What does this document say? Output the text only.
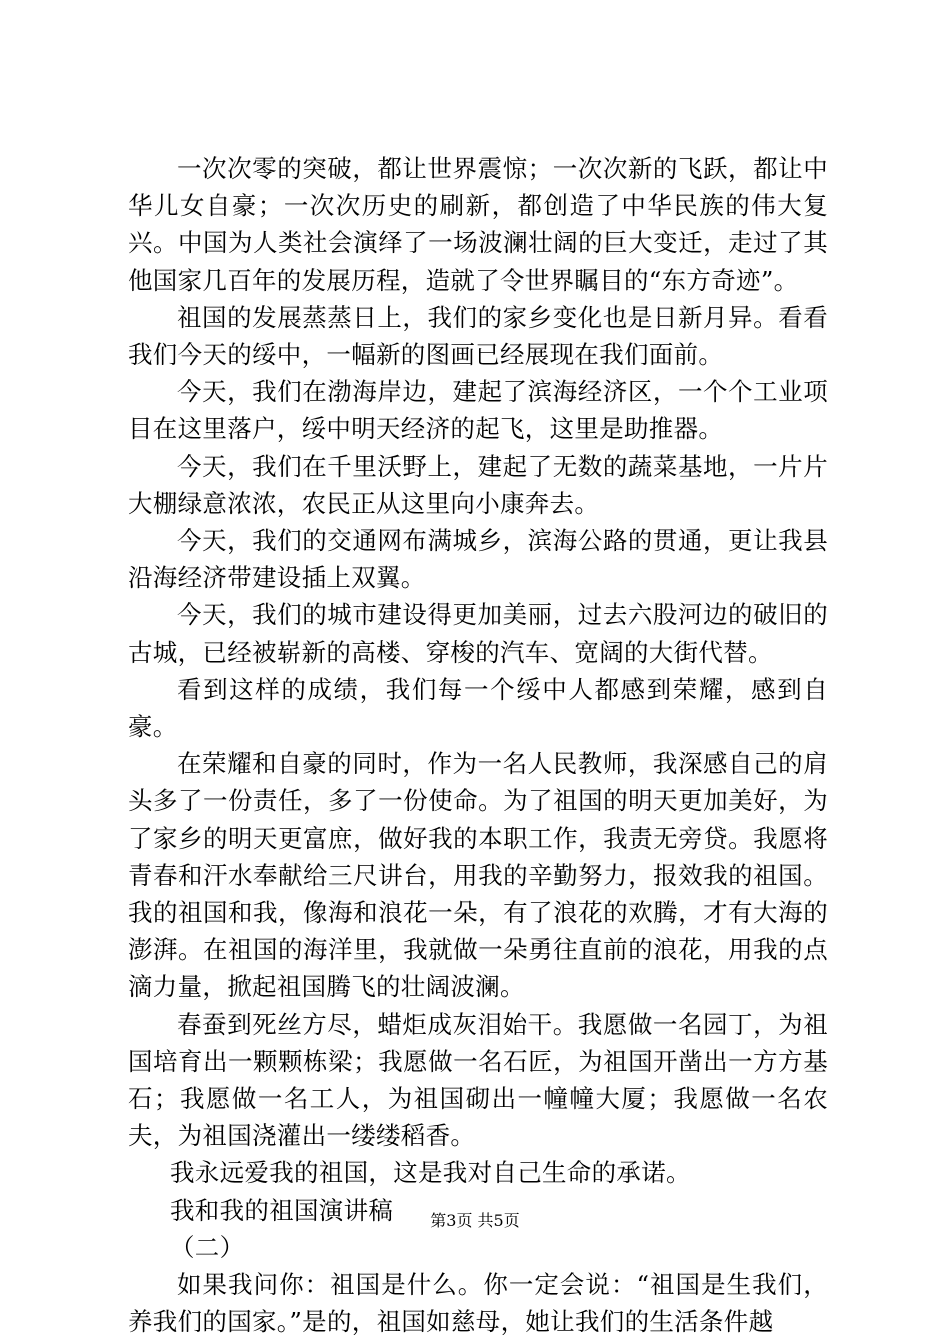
一次次零的突破，都让世界震惊；一次次新的飞跃，都让中华儿女自豪；一次次历史的刷新，都创造了中华民族的伟大复兴。中国为人类社会演绎了一场波澜壮阔的巨大变迁，走过了其他国家几百年的发展历程，造就了令世界瞩目的“东方奇迹”。

祖国的发展蒸蒸日上，我们的家乡变化也是日新月异。看看我们今天的绥中，一幅新的图画已经展现在我们面前。

今天，我们在渤海岸边，建起了滨海经济区，一个个工业项目在这里落户，绥中明天经济的起飞，这里是助推器。

今天，我们在千里沃野上，建起了无数的蔬菜基地，一片片大棚绿意浓浓，农民正从这里向小康奔去。

今天，我们的交通网布满城乡，滨海公路的贯通，更让我县沿海经济带建设插上双翼。

今天，我们的城市建设得更加美丽，过去六股河边的破旧的古城，已经被崭新的高楼、穿梭的汽车、宽阔的大街代替。

看到这样的成绩，我们每一个绥中人都感到荣耀，感到自豪。

在荣耀和自豪的同时，作为一名人民教师，我深感自己的肩头多了一份责任，多了一份使命。为了祖国的明天更加美好，为了家乡的明天更富庶，做好我的本职工作，我责无旁贷。我愿将青春和汗水奉献给三尺讲台，用我的辛勤努力，报效我的祖国。我的祖国和我，像海和浪花一朵，有了浪花的欢腾，才有大海的澎湃。在祖国的海洋里，我就做一朵勇往直前的浪花，用我的点滴力量，掀起祖国腾飞的壮阔波澜。

春蚕到死丝方尽，蜡炬成灰泪始干。我愿做一名园丁，为祖国培育出一颗颗栋梁；我愿做一名石匠，为祖国开凿出一方方基石；我愿做一名工人，为祖国砌出一幢幢大厦；我愿做一名农夫，为祖国浇灌出一缕缕稻香。

我永远爱我的祖国，这是我对自己生命的承诺。

我和我的祖国演讲稿

（二）

如果我问你：祖国是什么。你一定会说：“祖国是生我们，养我们的国家。”是的，祖国如慈母，她让我们的生活条件越

第3页 共5页
